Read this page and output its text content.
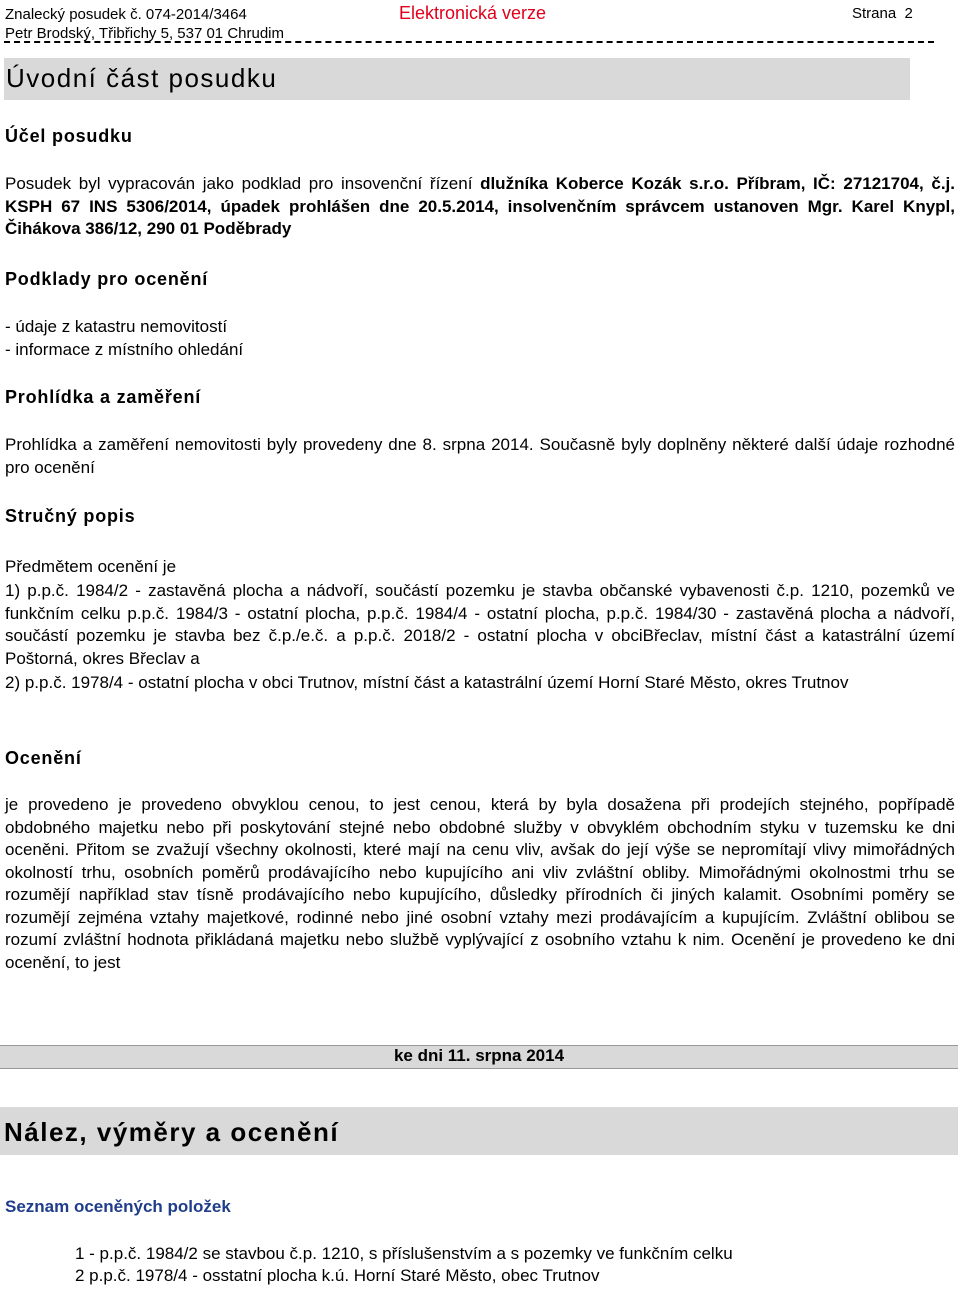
Znalecký posudek č. 074-2014/3464
Petr Brodský, Třibřichy 5, 537 01 Chrudim
Elektronická verze	Strana 2
Úvodní část posudku
Účel posudku
Posudek byl vypracován jako podklad pro insovenční řízení dlužníka Koberce Kozák s.r.o. Příbram, IČ: 27121704, č.j. KSPH 67 INS 5306/2014, úpadek prohlášen dne 20.5.2014, insolvenčním správcem ustanoven Mgr. Karel Knypl, Čihákova 386/12, 290 01 Poděbrady
Podklady pro ocenění
- údaje z katastru nemovitostí
- informace z místního ohledání
Prohlídka a zaměření
Prohlídka a zaměření nemovitosti byly provedeny dne 8. srpna 2014. Současně byly doplněny některé další údaje rozhodné pro ocenění
Stručný popis
Předmětem ocenění je
1) p.p.č. 1984/2 - zastavěná plocha a nádvoří, součástí pozemku je stavba občanské vybavenosti č.p. 1210, pozemků ve funkčním celku p.p.č. 1984/3 - ostatní plocha, p.p.č. 1984/4 - ostatní plocha, p.p.č. 1984/30 - zastavěná plocha a nádvoří, součástí pozemku je stavba bez č.p./e.č. a p.p.č. 2018/2 - ostatní plocha v obciBřeclav, místní část a katastrální území Poštorná, okres Břeclav a
2) p.p.č. 1978/4 - ostatní plocha v obci Trutnov, místní část a katastrální území Horní Staré Město, okres Trutnov
Ocenění
je provedeno je provedeno obvyklou cenou, to jest cenou, která by byla dosažena při prodejích stejného, popřípadě obdobného majetku nebo při poskytování stejné nebo obdobné služby v obvyklém obchodním styku v tuzemsku ke dni oceněni. Přitom se zvažují všechny okolnosti, které mají na cenu vliv, avšak do její výše se nepromítají vlivy mimořádných okolností trhu, osobních poměrů prodávajícího nebo kupujícího ani vliv zvláštní obliby. Mimořádnými okolnostmi trhu se rozumějí například stav tísně prodávajícího nebo kupujícího, důsledky přírodních či jiných kalamit. Osobními poměry se rozumějí zejména vztahy majetkové, rodinné nebo jiné osobní vztahy mezi prodávajícím a kupujícím. Zvláštní oblibou se rozumí zvláštní hodnota přikládaná majetku nebo službě vyplývající z osobního vztahu k nim. Ocenění je provedeno ke dni ocenění, to jest
ke dni 11. srpna 2014
Nález, výměry a ocenění
Seznam oceněných položek
1 - p.p.č. 1984/2 se stavbou č.p. 1210, s příslušenstvím a s pozemky ve funkčním celku
2 p.p.č. 1978/4 - osstatní plocha k.ú. Horní Staré Město, obec Trutnov
